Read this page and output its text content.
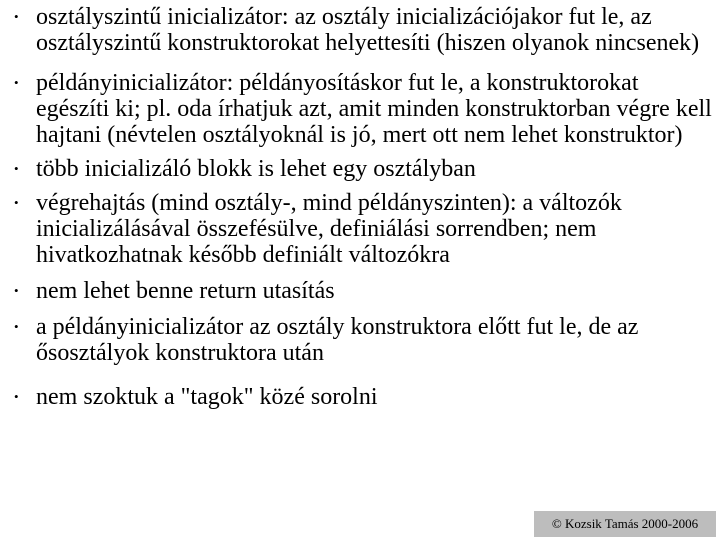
• osztályszintű inicializátor: az osztály inicializációjakor fut le, az osztályszintű konstruktorokat helyettesíti (hiszen olyanok nincsenek)
• példányinicializátor: példányosításkor fut le, a konstruktorokat egészíti ki; pl. oda írhatjuk azt, amit minden konstruktorban végre kell hajtani (névtelen osztályoknál is jó, mert ott nem lehet konstruktor)
• több inicializáló blokk is lehet egy osztályban
• végrehajtás (mind osztály-, mind példányszinten): a változók inicializálásával összefésülve, definiálási sorrendben; nem hivatkozhatnak később definiált változókra
• nem lehet benne return utasítás
• a példányinicializátor az osztály konstruktora előtt fut le, de az ősosztályok konstruktora után
• nem szoktuk a "tagok" közé sorolni
© Kozsik Tamás 2000-2006
